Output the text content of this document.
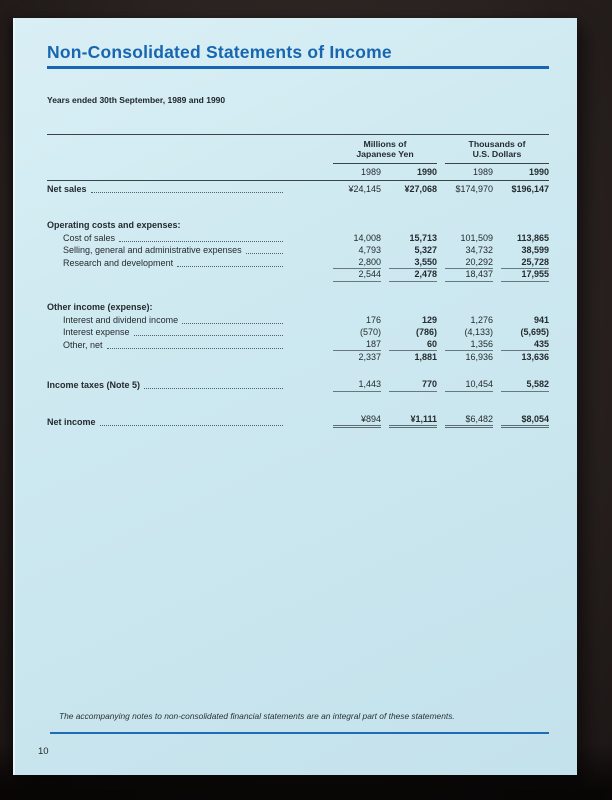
Non-Consolidated Statements of Income
Years ended 30th September, 1989 and 1990
Millions of
Japanese Yen
Thousands of
U.S. Dollars
1989	1990	1989	1990
Net sales	¥24,145	¥27,068	$174,970	$196,147
Operating costs and expenses:
Cost of sales	14,008	15,713	101,509	113,865
Selling, general and administrative expenses	4,793	5,327	34,732	38,599
Research and development	2,800	3,550	20,292	25,728
2,544	2,478	18,437	17,955
Other income (expense):
Interest and dividend income	176	129	1,276	941
Interest expense	(570)	(786)	(4,133)	(5,695)
Other, net	187	60	1,356	435
2,337	1,881	16,936	13,636
Income taxes (Note 5)	1,443	770	10,454	5,582
Net income	¥894	¥1,111	$6,482	$8,054
The accompanying notes to non-consolidated financial statements are an integral part of these statements.
10
